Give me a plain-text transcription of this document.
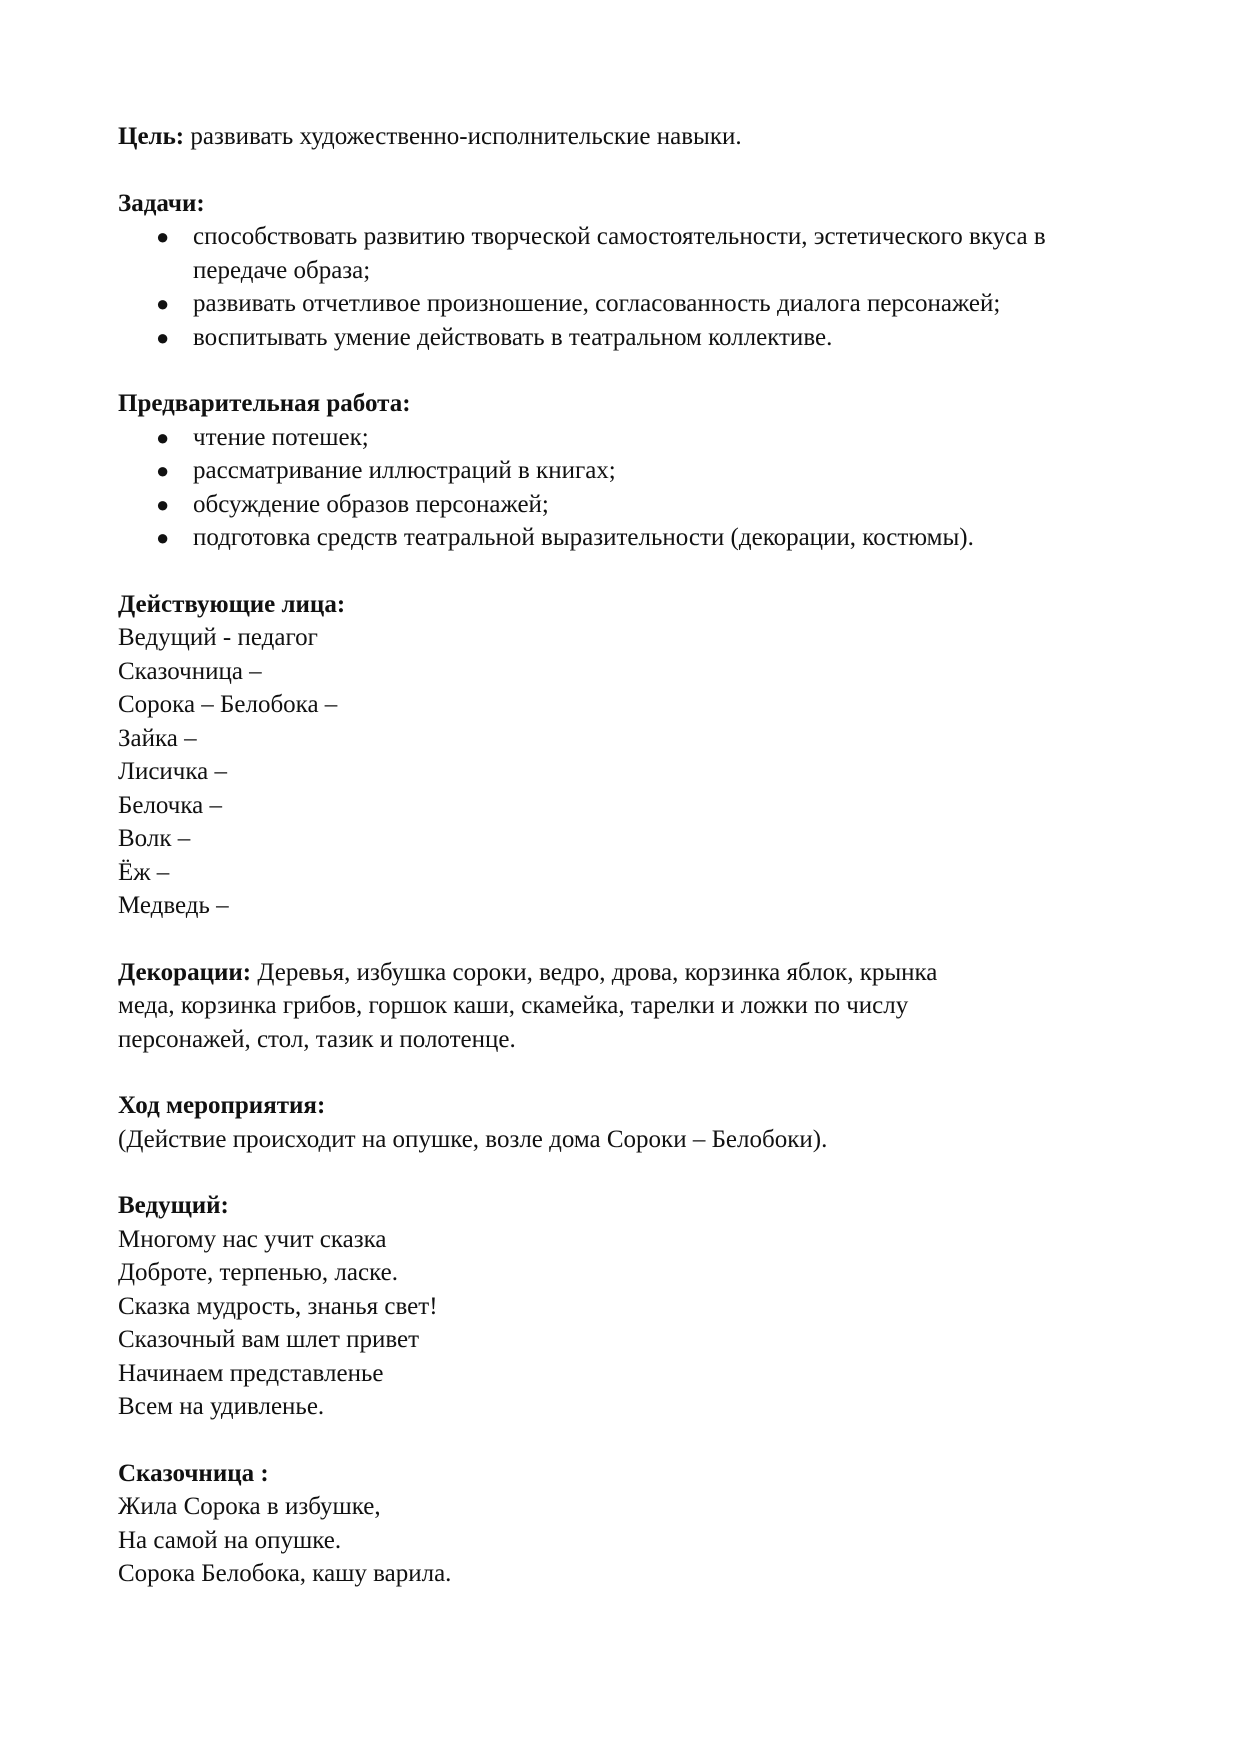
Цель: развивать художественно-исполнительские навыки.

Задачи:

● способствовать развитию творческой самостоятельности, эстетического вкуса в передаче образа;
● развивать отчетливое произношение, согласованность диалога персонажей;
● воспитывать умение действовать в театральном коллективе.

Предварительная работа:

● чтение потешек;
● рассматривание иллюстраций в книгах;
● обсуждение образов персонажей;
● подготовка средств театральной выразительности (декорации, костюмы).

Действующие лица:

Ведущий - педагог
Сказочница –
Сорока – Белобока –
Зайка –
Лисичка –
Белочка –
Волк –
Ёж –
Медведь –
Декорации: Деревья, избушка сороки, ведро, дрова, корзинка яблок, крынка
меда, корзинка грибов, горшок каши, скамейка, тарелки и ложки по числу
персонажей, стол, тазик и полотенце.

Ход мероприятия:

(Действие происходит на опушке, возле дома Сороки – Белобоки).

Ведущий:

Многому нас учит сказка
Доброте, терпенью, ласке.
Сказка мудрость, знанья свет!
Сказочный вам шлет привет
Начинаем представленье
Всем на удивленье.

Сказочница :

Жила Сорока в избушке,
На самой на опушке.
Сорока Белобока, кашу варила.
